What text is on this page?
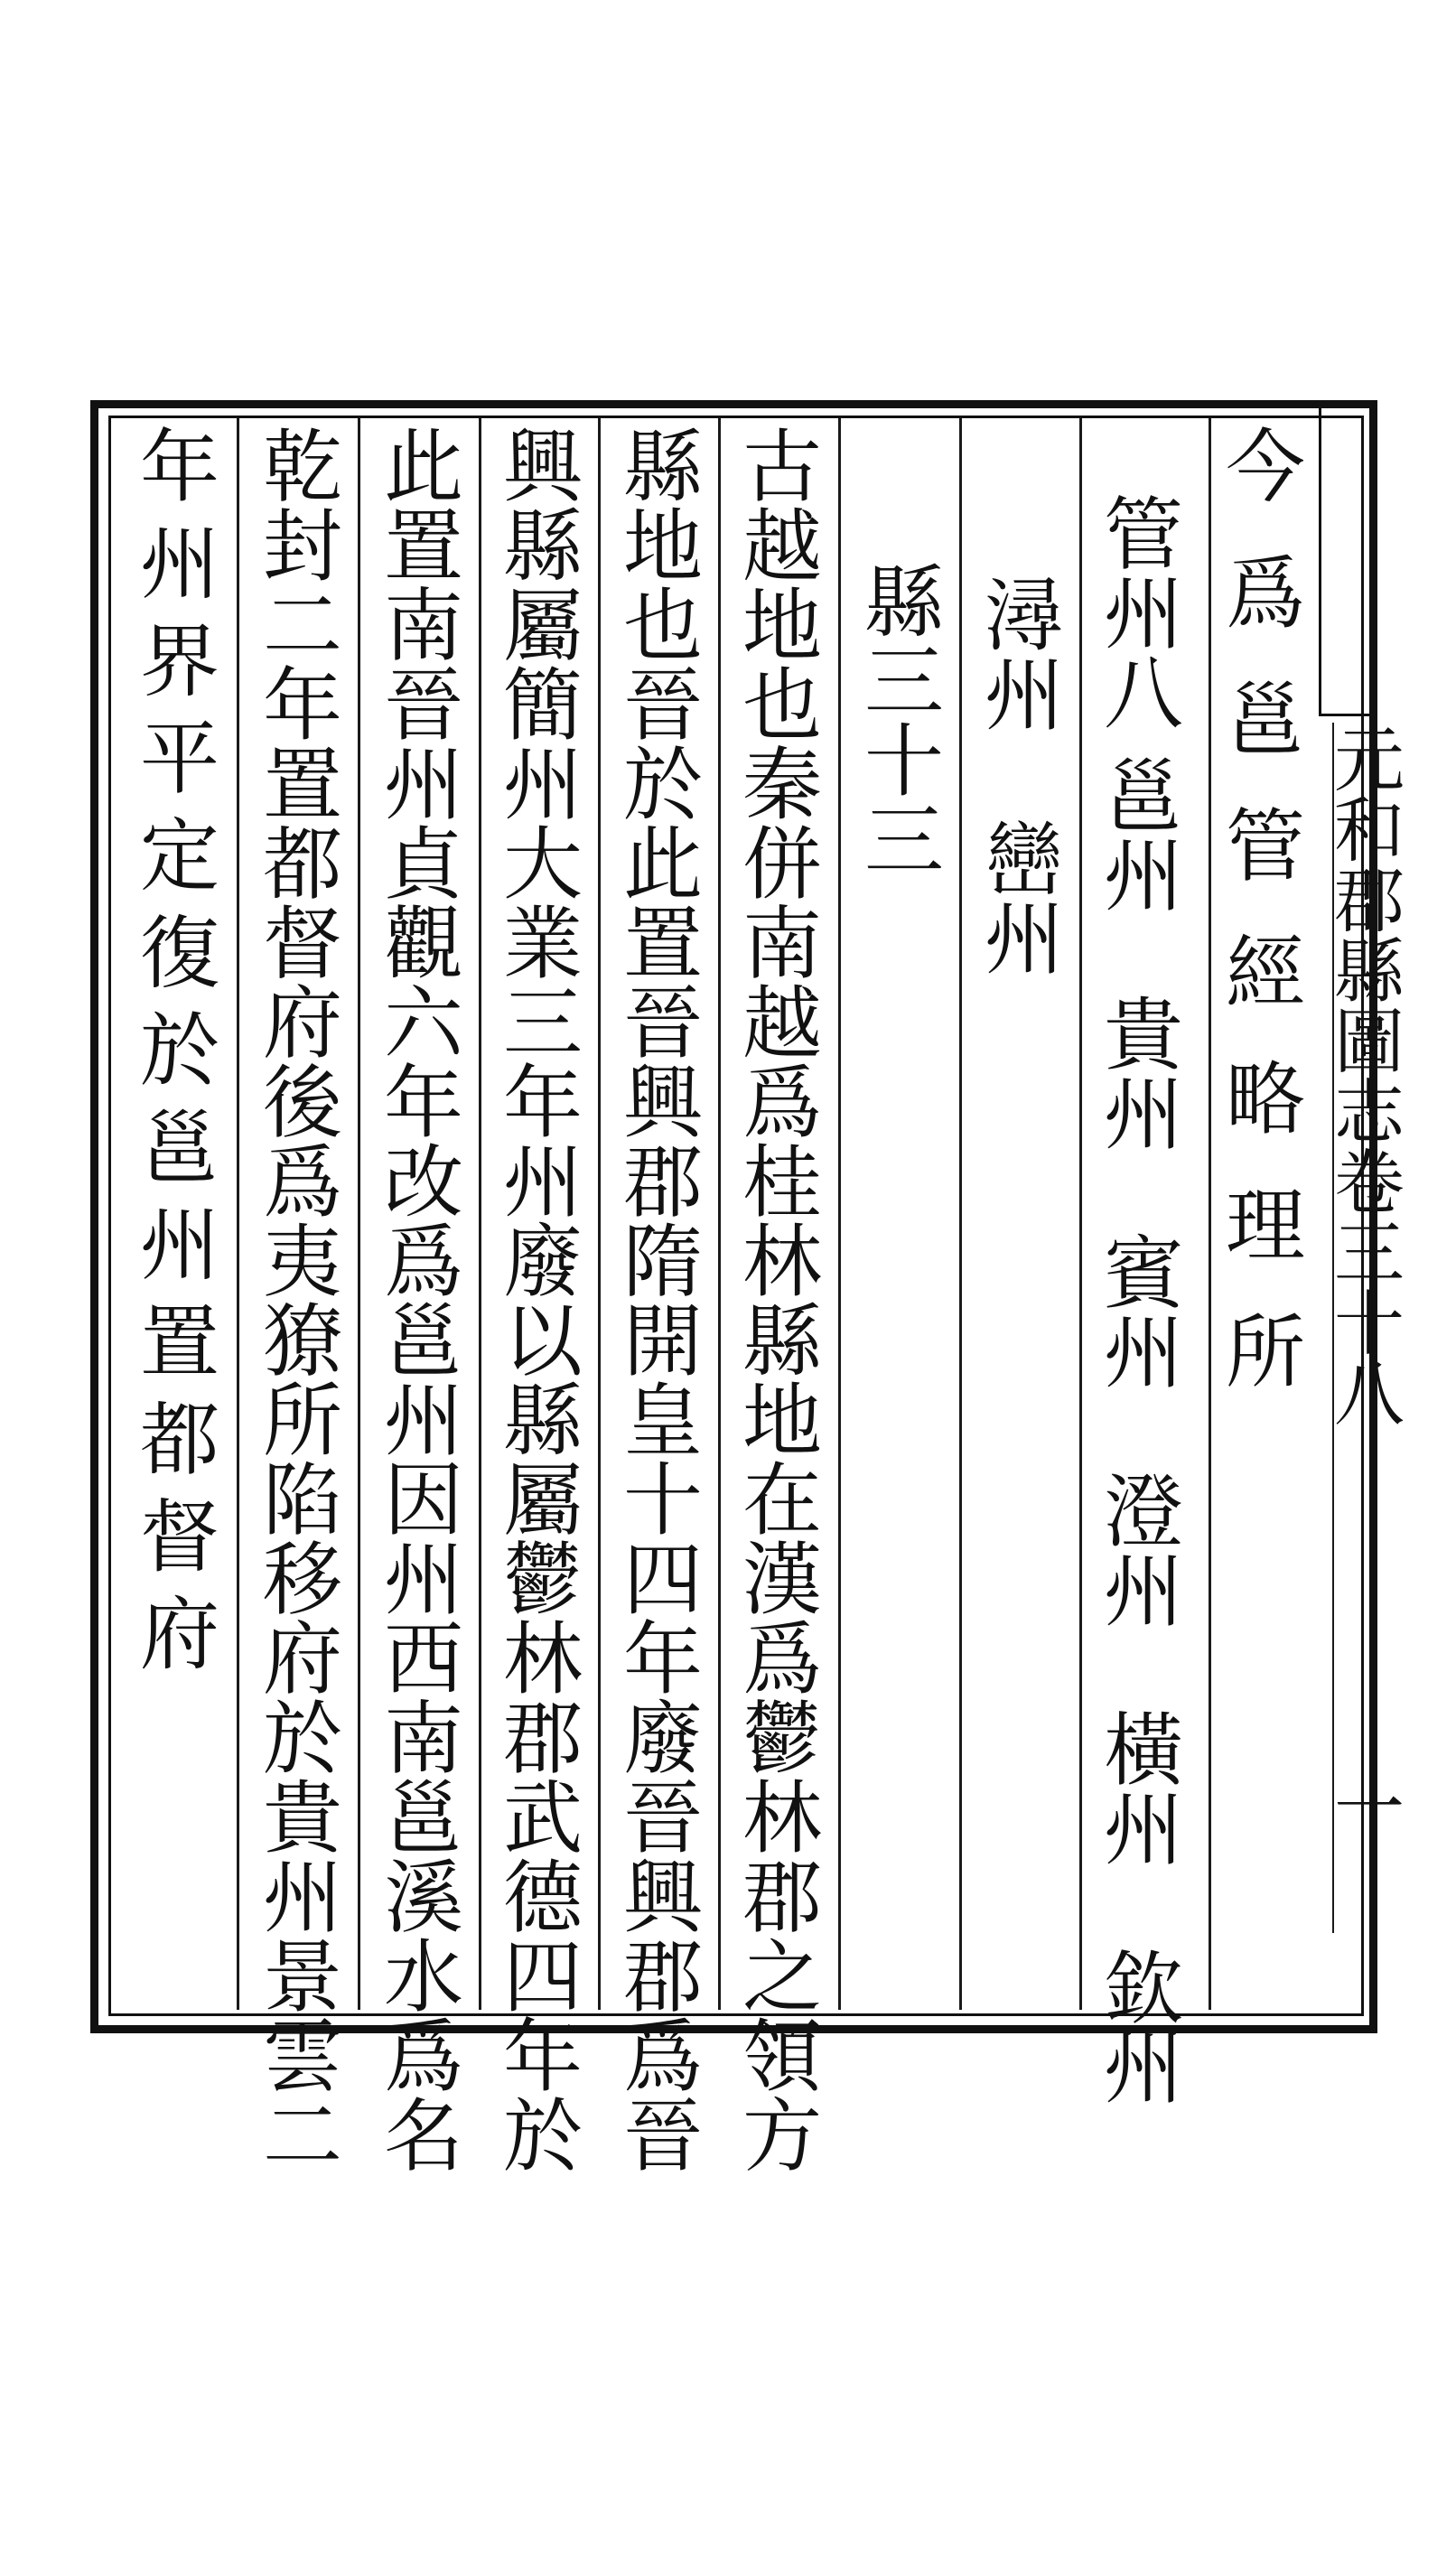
元和郡縣圖志卷三十八
一
今爲邕管經略理所
管州八
邕州　貴州　賓州　澄州　橫州　欽州
潯州
巒州
縣三十三
古越地也秦併南越爲桂林縣地在漢爲鬱林郡之領方
縣地也晉於此置晉興郡隋開皇十四年廢晉興郡爲晉
興縣屬簡州大業三年州廢以縣屬鬱林郡武德四年於
此置南晉州貞觀六年改爲邕州因州西南邕溪水爲名
乾封二年置都督府後爲夷獠所陷移府於貴州景雲二
年州界平定復於邕州置都督府
